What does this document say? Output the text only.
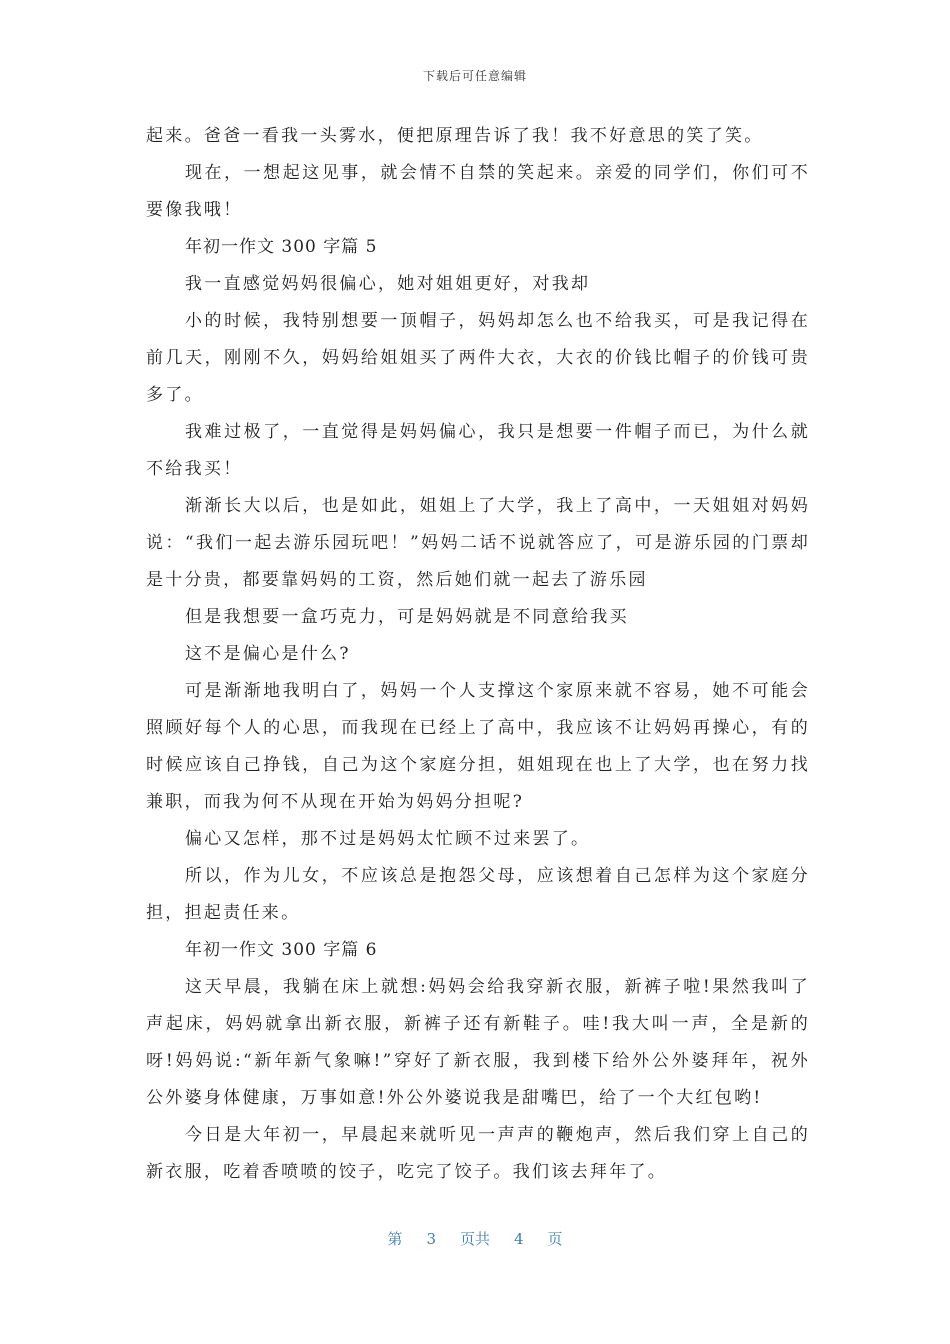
下载后可任意编辑

起来。爸爸一看我一头雾水，便把原理告诉了我！我不好意思的笑了笑。

现在，一想起这见事，就会情不自禁的笑起来。亲爱的同学们，你们可不要像我哦！

年初一作文 300 字篇 5

我一直感觉妈妈很偏心，她对姐姐更好，对我却

小的时候，我特别想要一顶帽子，妈妈却怎么也不给我买，可是我记得在前几天，刚刚不久，妈妈给姐姐买了两件大衣，大衣的价钱比帽子的价钱可贵多了。

我难过极了，一直觉得是妈妈偏心，我只是想要一件帽子而已，为什么就不给我买！

渐渐长大以后，也是如此，姐姐上了大学，我上了高中，一天姐姐对妈妈说：“我们一起去游乐园玩吧！”妈妈二话不说就答应了，可是游乐园的门票却是十分贵，都要靠妈妈的工资，然后她们就一起去了游乐园

但是我想要一盒巧克力，可是妈妈就是不同意给我买

这不是偏心是什么?

可是渐渐地我明白了，妈妈一个人支撑这个家原来就不容易，她不可能会照顾好每个人的心思，而我现在已经上了高中，我应该不让妈妈再操心，有的时候应该自己挣钱，自己为这个家庭分担，姐姐现在也上了大学，也在努力找兼职，而我为何不从现在开始为妈妈分担呢?

偏心又怎样，那不过是妈妈太忙顾不过来罢了。

所以，作为儿女，不应该总是抱怨父母，应该想着自己怎样为这个家庭分担，担起责任来。

年初一作文 300 字篇 6

这天早晨，我躺在床上就想:妈妈会给我穿新衣服，新裤子啦!果然我叫了声起床，妈妈就拿出新衣服，新裤子还有新鞋子。哇!我大叫一声，全是新的呀!妈妈说:“新年新气象嘛!”穿好了新衣服，我到楼下给外公外婆拜年，祝外公外婆身体健康，万事如意!外公外婆说我是甜嘴巴，给了一个大红包哟!

今日是大年初一，早晨起来就听见一声声的鞭炮声，然后我们穿上自己的新衣服，吃着香喷喷的饺子，吃完了饺子。我们该去拜年了。

第 3 页共 4 页
